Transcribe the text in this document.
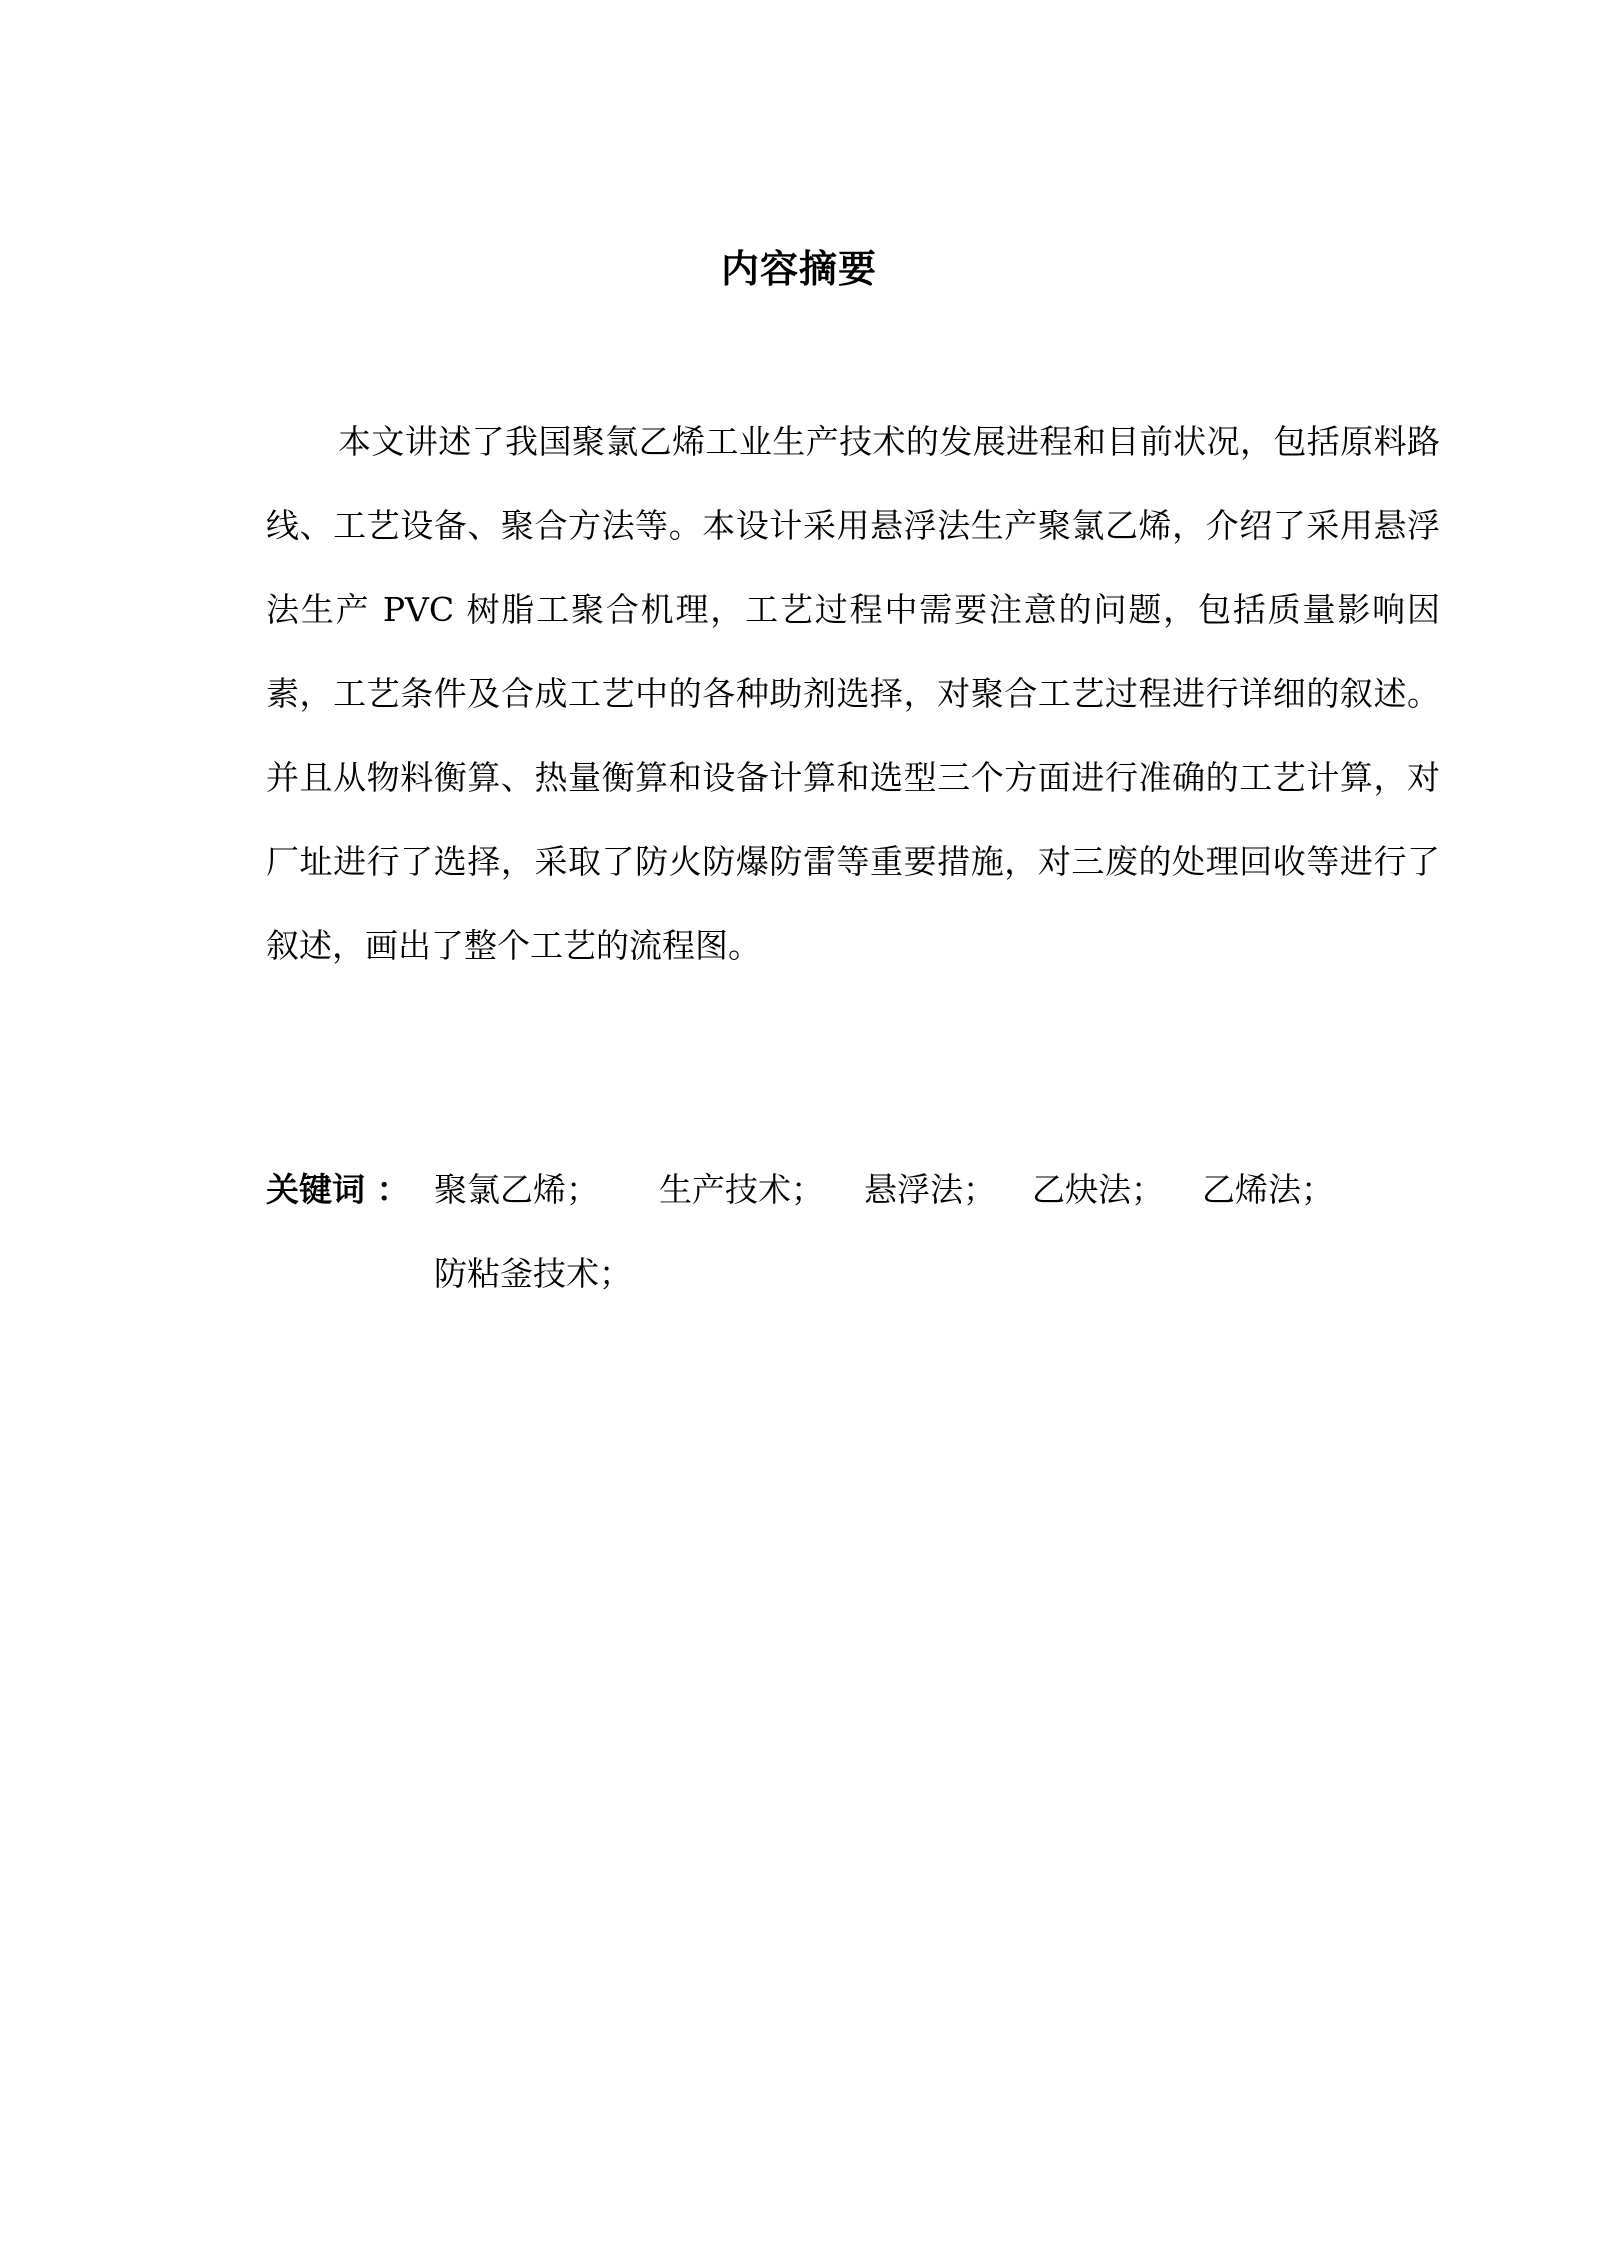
内容摘要

本文讲述了我国聚氯乙烯工业生产技术的发展进程和目前状况，包括原料路线、工艺设备、聚合方法等。本设计采用悬浮法生产聚氯乙烯，介绍了采用悬浮法生产 PVC 树脂工聚合机理，工艺过程中需要注意的问题，包括质量影响因素，工艺条件及合成工艺中的各种助剂选择，对聚合工艺过程进行详细的叙述。并且从物料衡算、热量衡算和设备计算和选型三个方面进行准确的工艺计算，对厂址进行了选择，采取了防火防爆防雷等重要措施，对三废的处理回收等进行了叙述，画出了整个工艺的流程图。

关键词 ： 聚氯乙烯； 生产技术； 悬浮法； 乙炔法； 乙烯法；
防粘釜技术；
